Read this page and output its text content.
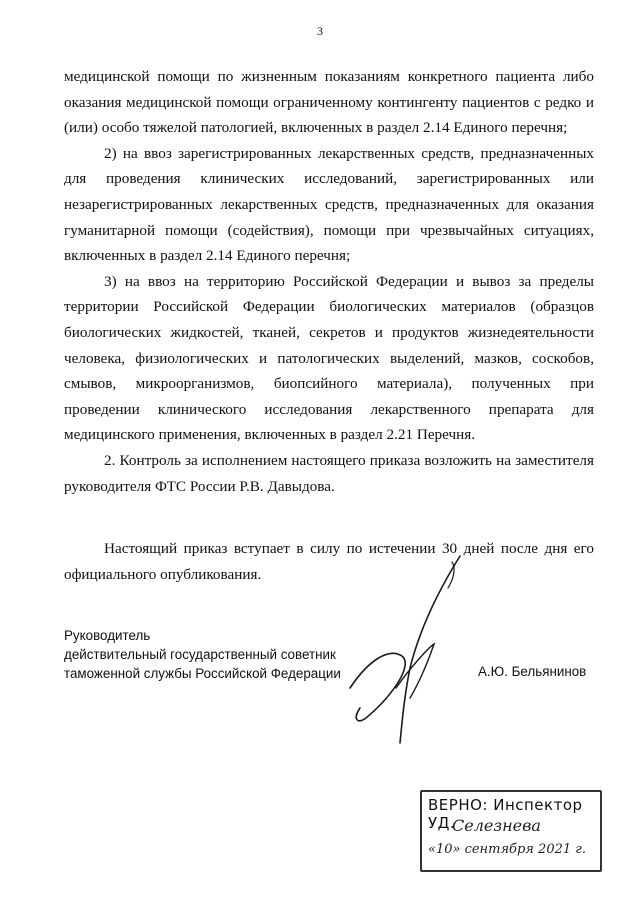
3

медицинской помощи по жизненным показаниям конкретного пациента либо оказания медицинской помощи ограниченному контингенту пациентов с редко и (или) особо тяжелой патологией, включенных в раздел 2.14 Единого перечня;

2) на ввоз зарегистрированных лекарственных средств, предназначенных для проведения клинических исследований, зарегистрированных или незарегистрированных лекарственных средств, предназначенных для оказания гуманитарной помощи (содействия), помощи при чрезвычайных ситуациях, включенных в раздел 2.14 Единого перечня;

3) на ввоз на территорию Российской Федерации и вывоз за пределы территории Российской Федерации биологических материалов (образцов биологических жидкостей, тканей, секретов и продуктов жизнедеятельности человека, физиологических и патологических выделений, мазков, соскобов, смывов, микроорганизмов, биопсийного материала), полученных при проведении клинического исследования лекарственного препарата для медицинского применения, включенных в раздел 2.21 Перечня.

2. Контроль за исполнением настоящего приказа возложить на заместителя руководителя ФТС России Р.В. Давыдова.

Настоящий приказ вступает в силу по истечении 30 дней после дня его официального опубликования.

Руководитель
действительный государственный советник
таможенной службы Российской Федерации	А.Ю. Бельянинов
ВЕРНО: Инспектор УД.
Селезнева
«10» сентября 2021 г.
